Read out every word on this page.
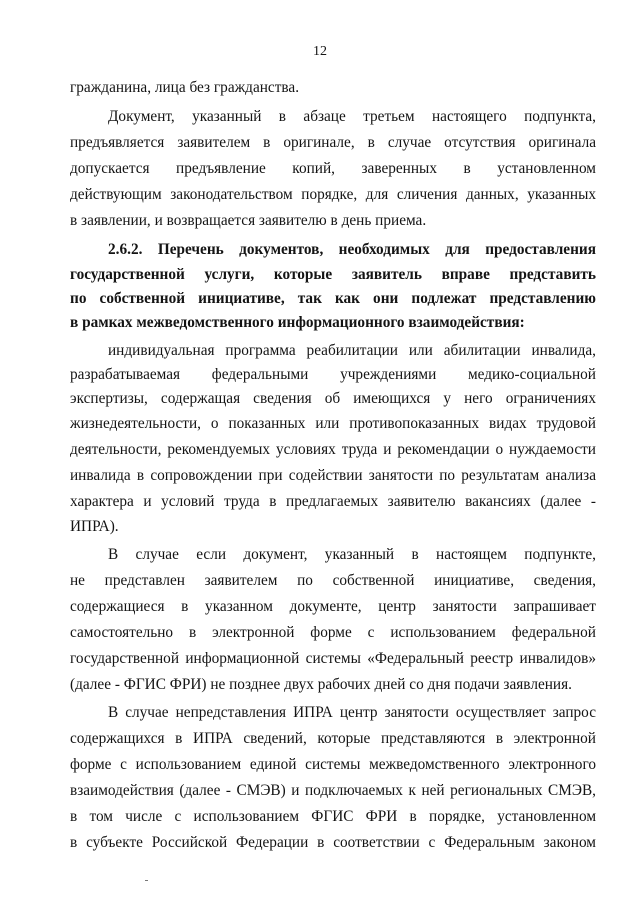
12
гражданина, лица без гражданства.
Документ, указанный в абзаце третьем настоящего подпункта,
предъявляется заявителем в оригинале, в случае отсутствия оригинала
допускается предъявление копий, заверенных в установленном
действующим законодательством порядке, для сличения данных, указанных
в заявлении, и возвращается заявителю в день приема.
2.6.2. Перечень документов, необходимых для предоставления
государственной услуги, которые заявитель вправе представить
по собственной инициативе, так как они подлежат представлению
в рамках межведомственного информационного взаимодействия:
индивидуальная программа реабилитации или абилитации инвалида,
разрабатываемая федеральными учреждениями медико-социальной
экспертизы, содержащая сведения об имеющихся у него ограничениях
жизнедеятельности, о показанных или противопоказанных видах трудовой
деятельности, рекомендуемых условиях труда и рекомендации о нуждаемости
инвалида в сопровождении при содействии занятости по результатам анализа
характера и условий труда в предлагаемых заявителю вакансиях (далее -
ИПРА).
В случае если документ, указанный в настоящем подпункте,
не представлен заявителем по собственной инициативе, сведения,
содержащиеся в указанном документе, центр занятости запрашивает
самостоятельно в электронной форме с использованием федеральной
государственной информационной системы «Федеральный реестр инвалидов»
(далее - ФГИС ФРИ) не позднее двух рабочих дней со дня подачи заявления.
В случае непредставления ИПРА центр занятости осуществляет запрос
содержащихся в ИПРА сведений, которые представляются в электронной
форме с использованием единой системы межведомственного электронного
взаимодействия (далее - СМЭВ) и подключаемых к ней региональных СМЭВ,
в том числе с использованием ФГИС ФРИ в порядке, установленном
в субъекте Российской Федерации в соответствии с Федеральным законом
